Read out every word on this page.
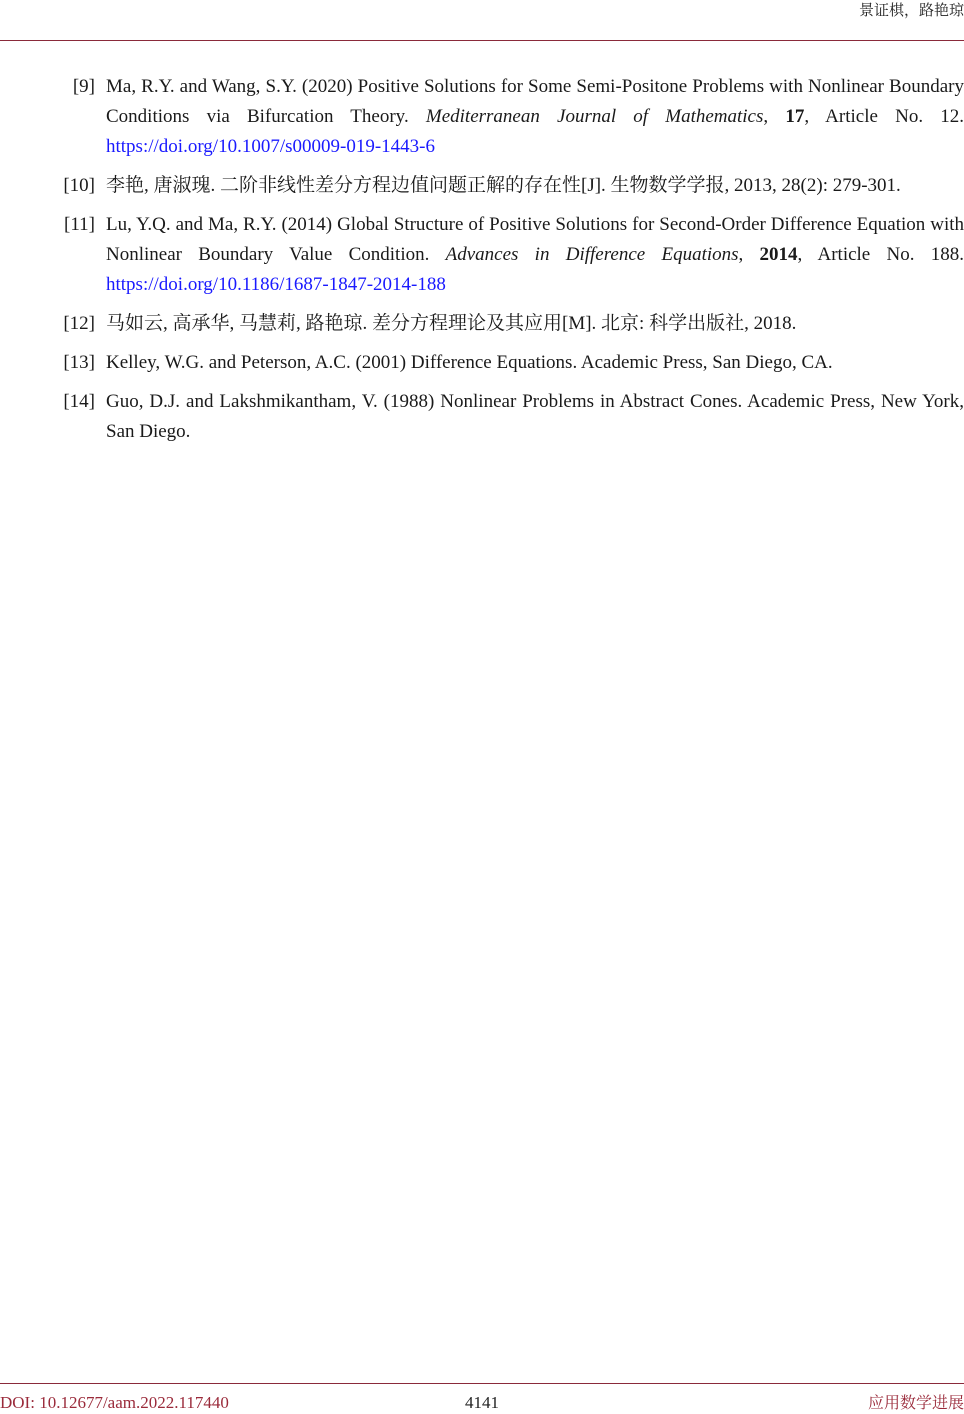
景证棋，路艳琼
[9] Ma, R.Y. and Wang, S.Y. (2020) Positive Solutions for Some Semi-Positone Problems with Nonlinear Boundary Conditions via Bifurcation Theory. Mediterranean Journal of Mathematics, 17, Article No. 12. https://doi.org/10.1007/s00009-019-1443-6
[10] 李艳, 唐淑瑰. 二阶非线性差分方程边值问题正解的存在性[J]. 生物数学学报, 2013, 28(2): 279-301.
[11] Lu, Y.Q. and Ma, R.Y. (2014) Global Structure of Positive Solutions for Second-Order Difference Equation with Nonlinear Boundary Value Condition. Advances in Difference Equations, 2014, Article No. 188. https://doi.org/10.1186/1687-1847-2014-188
[12] 马如云, 高承华, 马慧莉, 路艳琼. 差分方程理论及其应用[M]. 北京: 科学出版社, 2018.
[13] Kelley, W.G. and Peterson, A.C. (2001) Difference Equations. Academic Press, San Diego, CA.
[14] Guo, D.J. and Lakshmikantham, V. (1988) Nonlinear Problems in Abstract Cones. Academic Press, New York, San Diego.
DOI: 10.12677/aam.2022.117440	4141	应用数学进展
